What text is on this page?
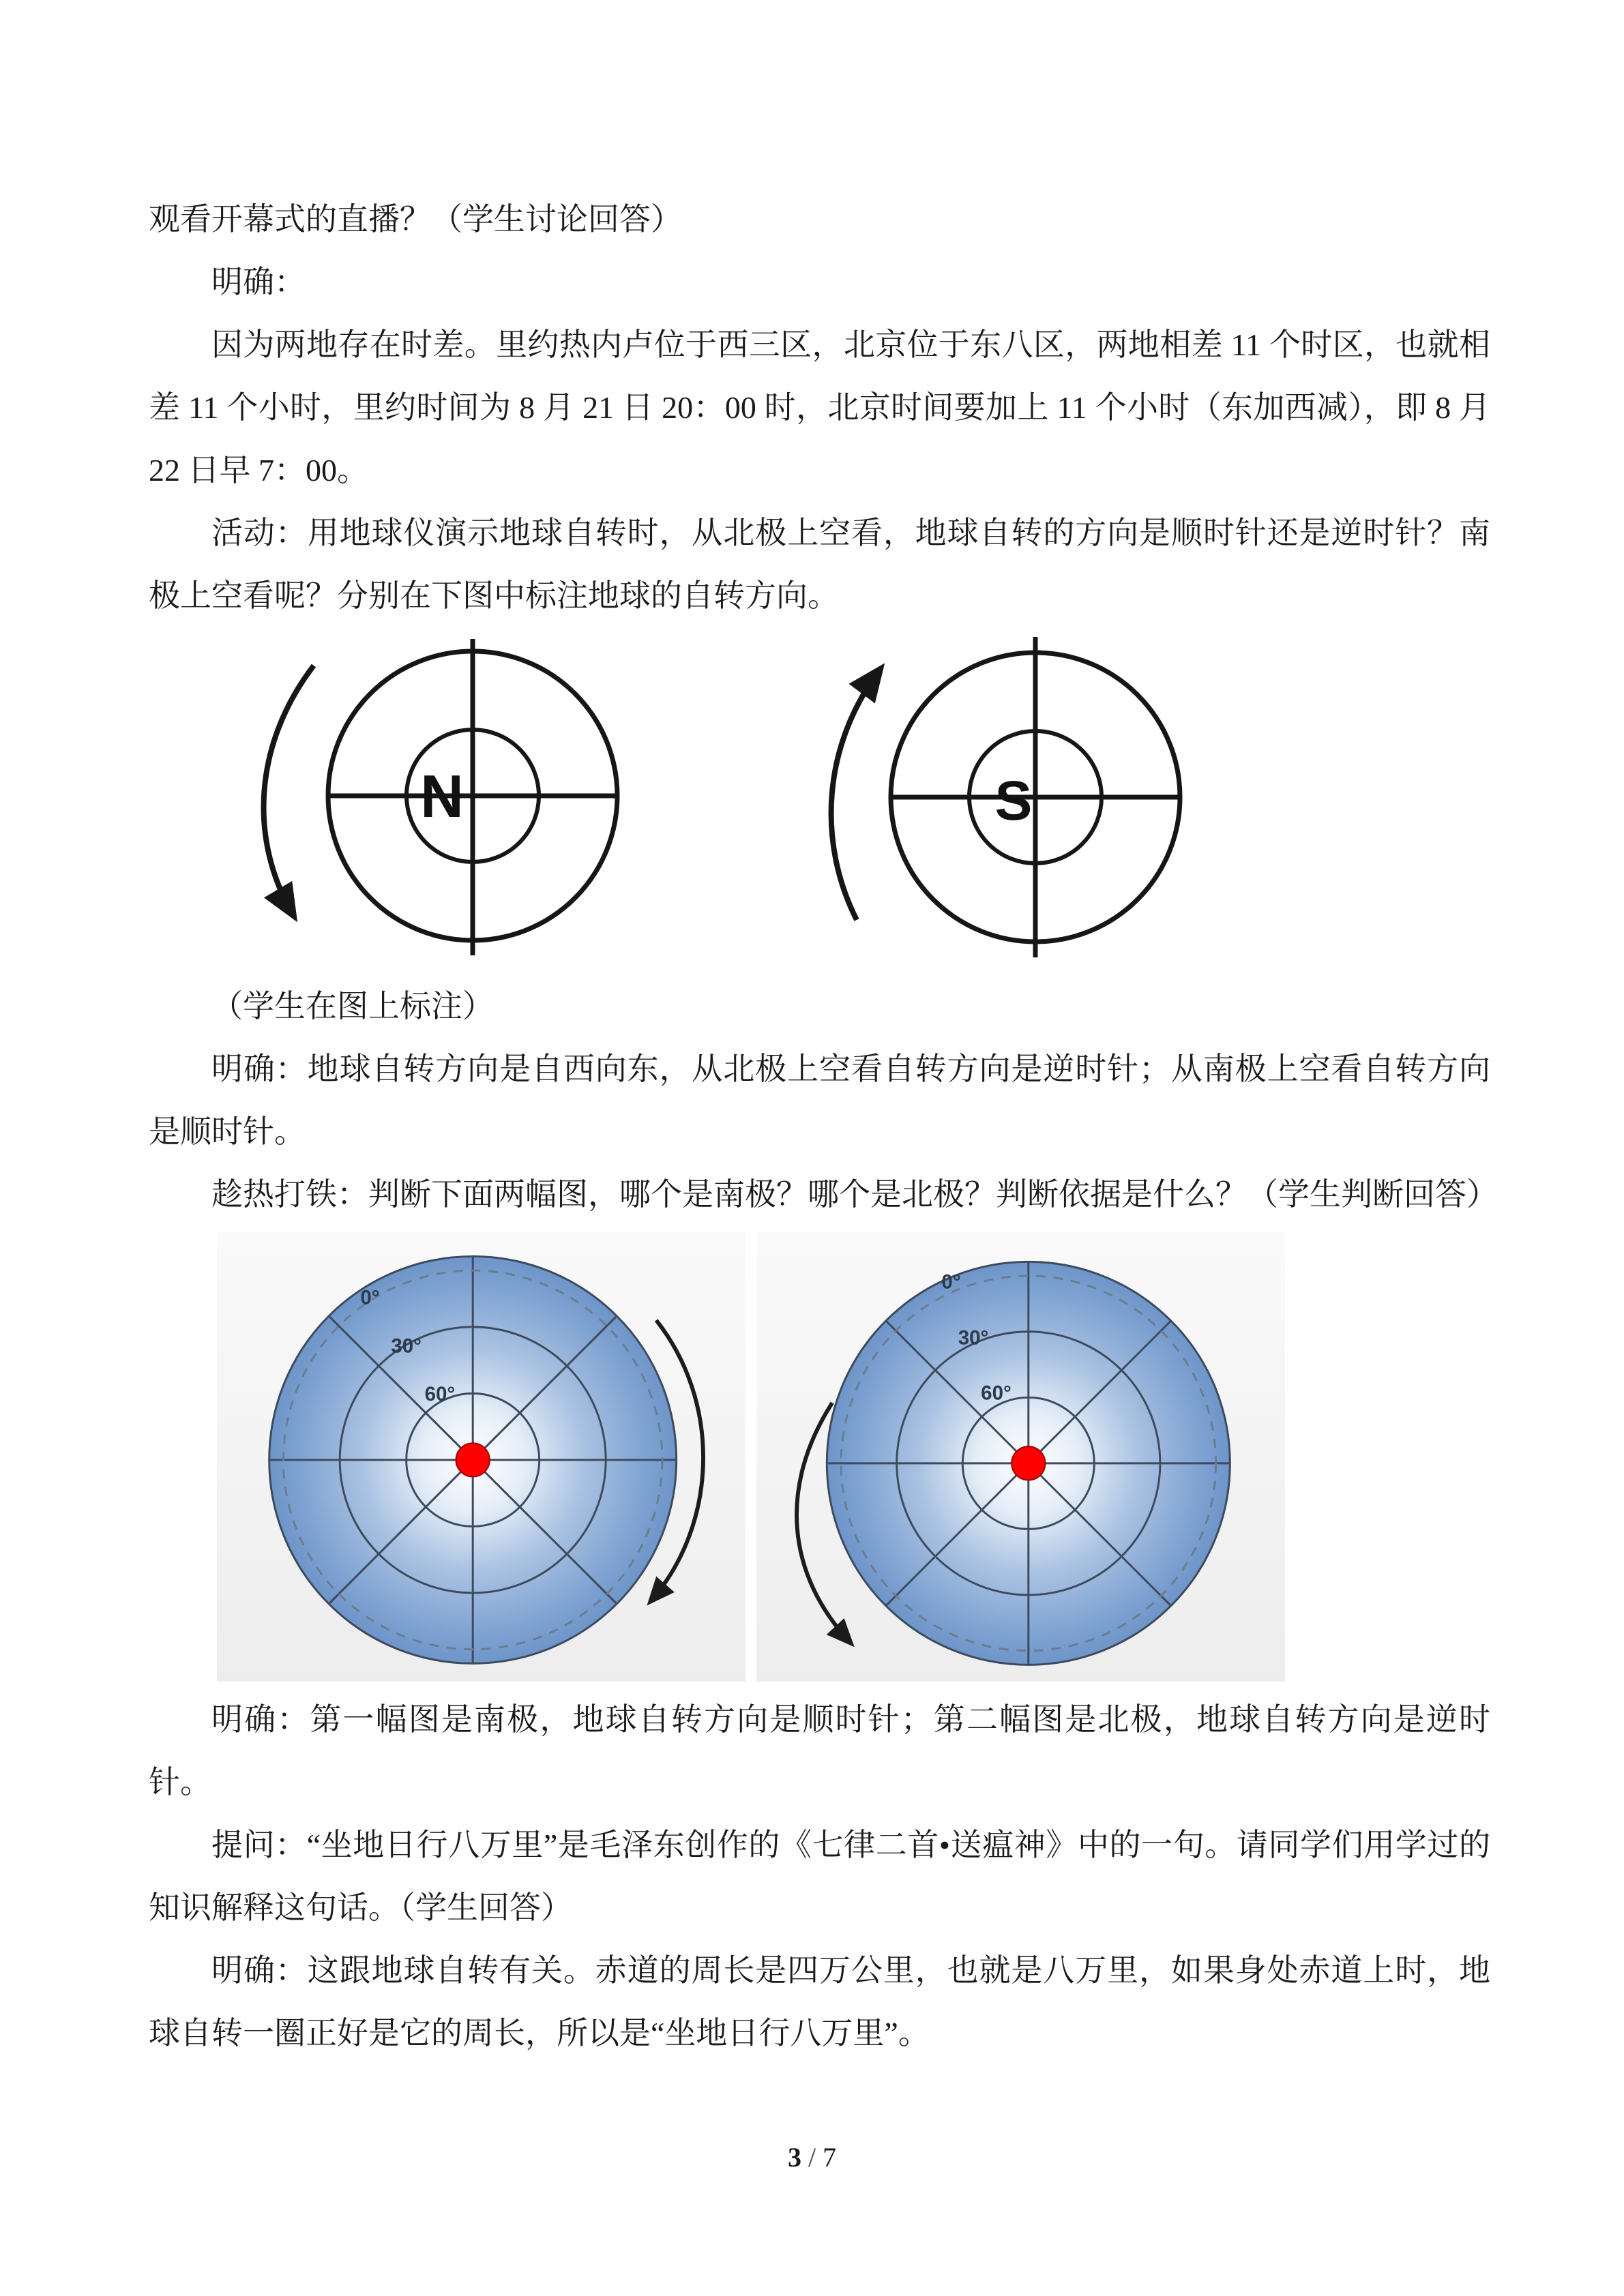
观看开幕式的直播？（学生讨论回答）

明确：

因为两地存在时差。里约热内卢位于西三区，北京位于东八区，两地相差 11 个时区，也就相差 11 个小时，里约时间为 8 月 21 日 20：00 时，北京时间要加上 11 个小时（东加西减），即 8 月 22 日早 7：00。

活动：用地球仪演示地球自转时，从北极上空看，地球自转的方向是顺时针还是逆时针？南极上空看呢？分别在下图中标注地球的自转方向。

N	S

（学生在图上标注）

明确：地球自转方向是自西向东，从北极上空看自转方向是逆时针；从南极上空看自转方向是顺时针。

趁热打铁：判断下面两幅图，哪个是南极？哪个是北极？判断依据是什么？（学生判断回答）

0°
30°
60°
0°
30°
60°

明确：第一幅图是南极，地球自转方向是顺时针；第二幅图是北极，地球自转方向是逆时针。

提问：“坐地日行八万里”是毛泽东创作的《七律二首•送瘟神》中的一句。请同学们用学过的知识解释这句话。（学生回答）

明确：这跟地球自转有关。赤道的周长是四万公里，也就是八万里，如果身处赤道上时，地球自转一圈正好是它的周长，所以是“坐地日行八万里”。

3 / 7
